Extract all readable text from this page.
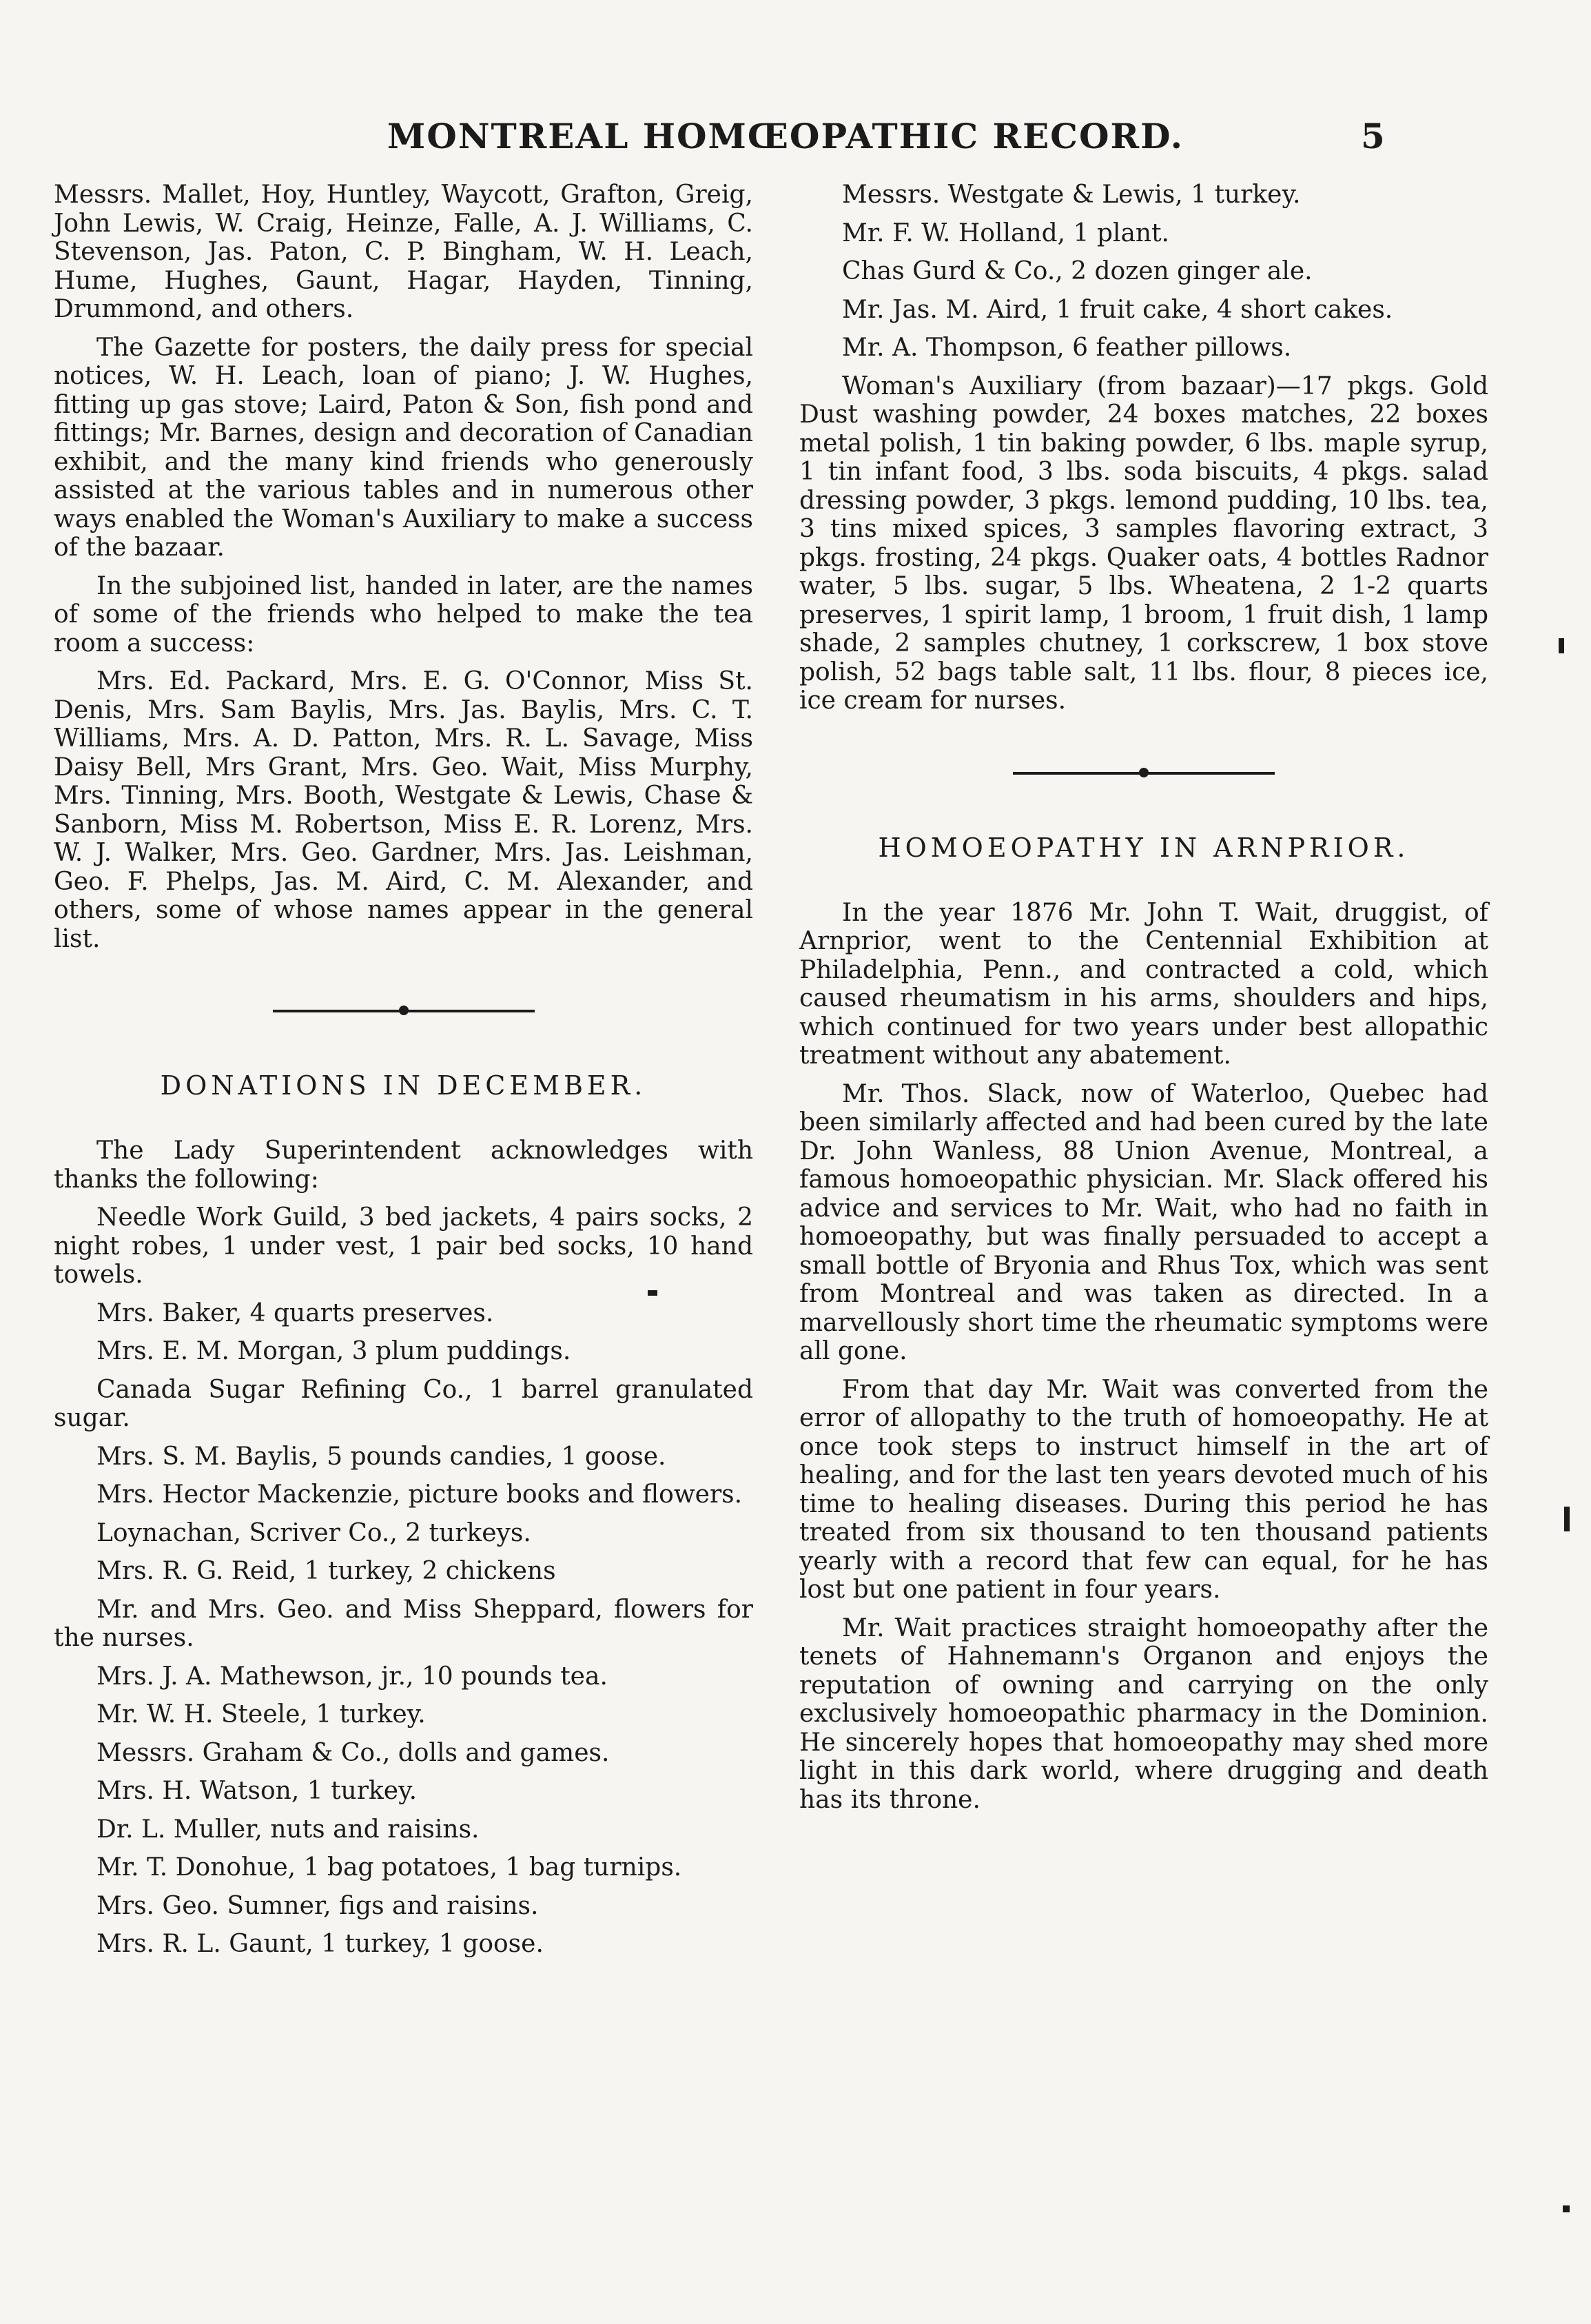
MONTREAL HOMŒOPATHIC RECORD.	5

Messrs. Mallet, Hoy, Huntley, Waycott, Grafton, Greig, John Lewis, W. Craig, Heinze, Falle, A. J. Williams, C. Stevenson, Jas. Paton, C. P. Bingham, W. H. Leach, Hume, Hughes, Gaunt, Hagar, Hayden, Tinning, Drummond, and others.

The Gazette for posters, the daily press for special notices, W. H. Leach, loan of piano; J. W. Hughes, fitting up gas stove; Laird, Paton & Son, fish pond and fittings; Mr. Barnes, design and decoration of Canadian exhibit, and the many kind friends who generously assisted at the various tables and in numerous other ways enabled the Woman's Auxiliary to make a success of the bazaar.

In the subjoined list, handed in later, are the names of some of the friends who helped to make the tea room a success:

Mrs. Ed. Packard, Mrs. E. G. O'Connor, Miss St. Denis, Mrs. Sam Baylis, Mrs. Jas. Baylis, Mrs. C. T. Williams, Mrs. A. D. Patton, Mrs. R. L. Savage, Miss Daisy Bell, Mrs Grant, Mrs. Geo. Wait, Miss Murphy, Mrs. Tinning, Mrs. Booth, Westgate & Lewis, Chase & Sanborn, Miss M. Robertson, Miss E. R. Lorenz, Mrs. W. J. Walker, Mrs. Geo. Gardner, Mrs. Jas. Leishman, Geo. F. Phelps, Jas. M. Aird, C. M. Alexander, and others, some of whose names appear in the general list.

DONATIONS IN DECEMBER.

The Lady Superintendent acknowledges with thanks the following:

Needle Work Guild, 3 bed jackets, 4 pairs socks, 2 night robes, 1 under vest, 1 pair bed socks, 10 hand towels.

Mrs. Baker, 4 quarts preserves.

Mrs. E. M. Morgan, 3 plum puddings.

Canada Sugar Refining Co., 1 barrel granulated sugar.

Mrs. S. M. Baylis, 5 pounds candies, 1 goose.

Mrs. Hector Mackenzie, picture books and flowers.

Loynachan, Scriver Co., 2 turkeys.

Mrs. R. G. Reid, 1 turkey, 2 chickens

Mr. and Mrs. Geo. and Miss Sheppard, flowers for the nurses.

Mrs. J. A. Mathewson, jr., 10 pounds tea.

Mr. W. H. Steele, 1 turkey.

Messrs. Graham & Co., dolls and games.

Mrs. H. Watson, 1 turkey.

Dr. L. Muller, nuts and raisins.

Mr. T. Donohue, 1 bag potatoes, 1 bag turnips.

Mrs. Geo. Sumner, figs and raisins.

Mrs. R. L. Gaunt, 1 turkey, 1 goose.

Messrs. Westgate & Lewis, 1 turkey.

Mr. F. W. Holland, 1 plant.

Chas Gurd & Co., 2 dozen ginger ale.

Mr. Jas. M. Aird, 1 fruit cake, 4 short cakes.

Mr. A. Thompson, 6 feather pillows.

Woman's Auxiliary (from bazaar)—17 pkgs. Gold Dust washing powder, 24 boxes matches, 22 boxes metal polish, 1 tin baking powder, 6 lbs. maple syrup, 1 tin infant food, 3 lbs. soda biscuits, 4 pkgs. salad dressing powder, 3 pkgs. lemond pudding, 10 lbs. tea, 3 tins mixed spices, 3 samples flavoring extract, 3 pkgs. frosting, 24 pkgs. Quaker oats, 4 bottles Radnor water, 5 lbs. sugar, 5 lbs. Wheatena, 2 1-2 quarts preserves, 1 spirit lamp, 1 broom, 1 fruit dish, 1 lamp shade, 2 samples chutney, 1 corkscrew, 1 box stove polish, 52 bags table salt, 11 lbs. flour, 8 pieces ice, ice cream for nurses.

HOMOEOPATHY IN ARNPRIOR.

In the year 1876 Mr. John T. Wait, druggist, of Arnprior, went to the Centennial Exhibition at Philadelphia, Penn., and contracted a cold, which caused rheumatism in his arms, shoulders and hips, which continued for two years under best allopathic treatment without any abatement.

Mr. Thos. Slack, now of Waterloo, Quebec had been similarly affected and had been cured by the late Dr. John Wanless, 88 Union Avenue, Montreal, a famous homoeopathic physician. Mr. Slack offered his advice and services to Mr. Wait, who had no faith in homoeopathy, but was finally persuaded to accept a small bottle of Bryonia and Rhus Tox, which was sent from Montreal and was taken as directed. In a marvellously short time the rheumatic symptoms were all gone.

From that day Mr. Wait was converted from the error of allopathy to the truth of homoeopathy. He at once took steps to instruct himself in the art of healing, and for the last ten years devoted much of his time to healing diseases. During this period he has treated from six thousand to ten thousand patients yearly with a record that few can equal, for he has lost but one patient in four years.

Mr. Wait practices straight homoeopathy after the tenets of Hahnemann's Organon and enjoys the reputation of owning and carrying on the only exclusively homoeopathic pharmacy in the Dominion. He sincerely hopes that homoeopathy may shed more light in this dark world, where drugging and death has its throne.
